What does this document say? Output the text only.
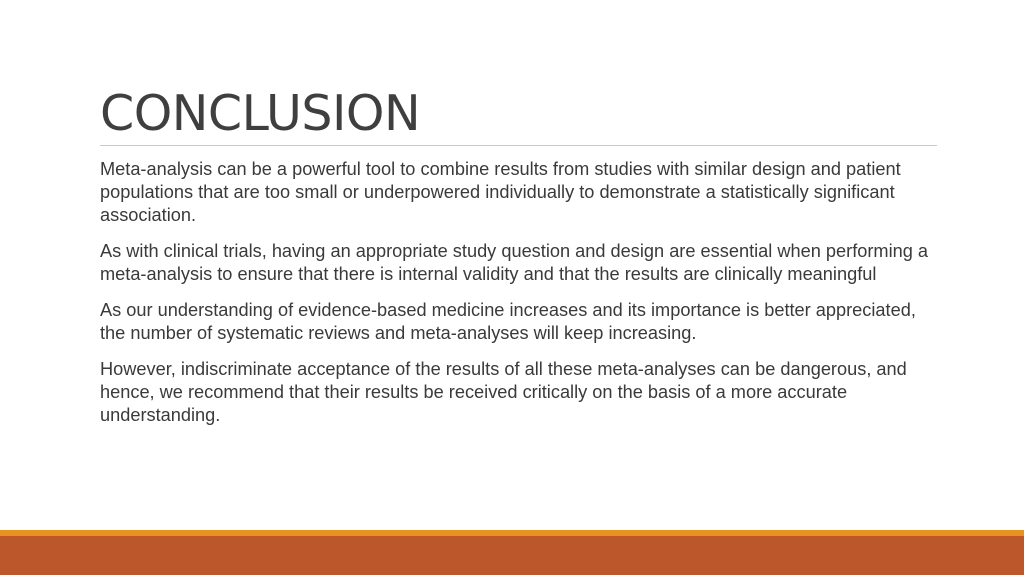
CONCLUSION

Meta-analysis can be a powerful tool to combine results from studies with similar design and patient populations that are too small or underpowered individually to demonstrate a statistically significant association.

As with clinical trials, having an appropriate study question and design are essential when performing a meta-analysis to ensure that there is internal validity and that the results are clinically meaningful

As our understanding of evidence-based medicine increases and its importance is better appreciated, the number of systematic reviews and meta-analyses will keep increasing.

However, indiscriminate acceptance of the results of all these meta-analyses can be dangerous, and hence, we recommend that their results be received critically on the basis of a more accurate understanding.
